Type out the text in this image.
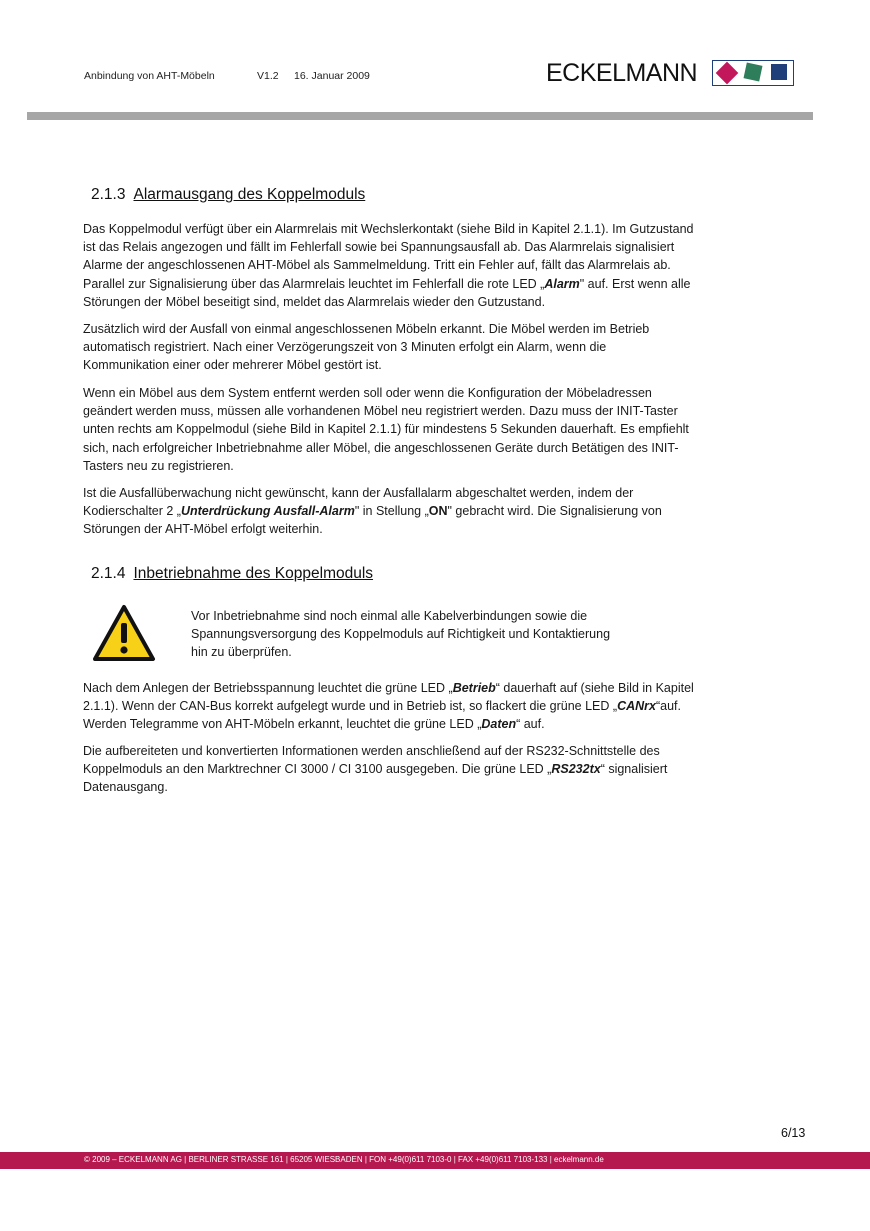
Anbindung von AHT-Möbeln	V1.2 16. Januar 2009	ECKELMANN
2.1.3 Alarmausgang des Koppelmoduls

Das Koppelmodul verfügt über ein Alarmrelais mit Wechslerkontakt (siehe Bild in Kapitel 2.1.1). Im Gutzustand
ist das Relais angezogen und fällt im Fehlerfall sowie bei Spannungsausfall ab. Das Alarmrelais signalisiert
Alarme der angeschlossenen AHT-Möbel als Sammelmeldung. Tritt ein Fehler auf, fällt das Alarmrelais ab.
Parallel zur Signalisierung über das Alarmrelais leuchtet im Fehlerfall die rote LED „Alarm" auf. Erst wenn alle
Störungen der Möbel beseitigt sind, meldet das Alarmrelais wieder den Gutzustand.

Zusätzlich wird der Ausfall von einmal angeschlossenen Möbeln erkannt. Die Möbel werden im Betrieb
automatisch registriert. Nach einer Verzögerungszeit von 3 Minuten erfolgt ein Alarm, wenn die
Kommunikation einer oder mehrerer Möbel gestört ist.

Wenn ein Möbel aus dem System entfernt werden soll oder wenn die Konfiguration der Möbeladressen
geändert werden muss, müssen alle vorhandenen Möbel neu registriert werden. Dazu muss der INIT-Taster
unten rechts am Koppelmodul (siehe Bild in Kapitel 2.1.1) für mindestens 5 Sekunden dauerhaft. Es empfiehlt
sich, nach erfolgreicher Inbetriebnahme aller Möbel, die angeschlossenen Geräte durch Betätigen des INIT-
Tasters neu zu registrieren.

Ist die Ausfallüberwachung nicht gewünscht, kann der Ausfallalarm abgeschaltet werden, indem der
Kodierschalter 2 „Unterdrückung Ausfall-Alarm" in Stellung „ON" gebracht wird. Die Signalisierung von
Störungen der AHT-Möbel erfolgt weiterhin.

2.1.4 Inbetriebnahme des Koppelmoduls
Vor Inbetriebnahme sind noch einmal alle Kabelverbindungen sowie die
Spannungsversorgung des Koppelmoduls auf Richtigkeit und Kontaktierung
hin zu überprüfen.

Nach dem Anlegen der Betriebsspannung leuchtet die grüne LED „Betrieb“ dauerhaft auf (siehe Bild in Kapitel
2.1.1). Wenn der CAN-Bus korrekt aufgelegt wurde und in Betrieb ist, so flackert die grüne LED „CANrx“auf.
Werden Telegramme von AHT-Möbeln erkannt, leuchtet die grüne LED „Daten“ auf.

Die aufbereiteten und konvertierten Informationen werden anschließend auf der RS232-Schnittstelle des
Koppelmoduls an den Marktrechner CI 3000 / CI 3100 ausgegeben. Die grüne LED „RS232tx“ signalisiert
Datenausgang.

6/13
© 2009 – ECKELMANN AG | BERLINER STRASSE 161 | 65205 WIESBADEN | FON +49(0)611 7103-0 | FAX +49(0)611 7103-133 | eckelmann.de
